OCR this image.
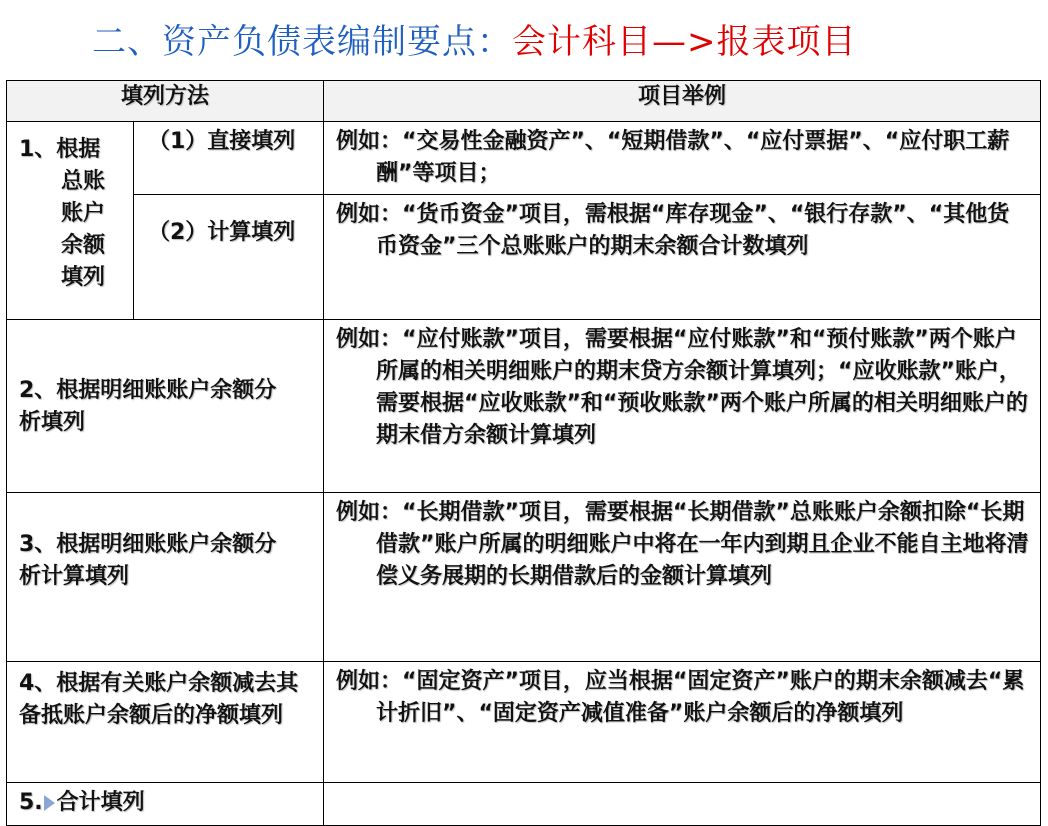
二、资产负债表编制要点：会计科目—>报表项目
填列方法		项目举例

1、根据
总账
账户
余额
填列	（1）直接填列	例如：“交易性金融资产”、“短期借款”、“应付票据”、“应付职工薪酬”等项目；
	（2）计算填列	例如：“货币资金”项目，需根据“库存现金”、“银行存款”、“其他货币资金”三个总账账户的期末余额合计数填列
2、根据明细账账户余额分析填列		例如：“应付账款”项目，需要根据“应付账款”和“预付账款”两个账户所属的相关明细账户的期末贷方余额计算填列；“应收账款”账户，需要根据“应收账款”和“预收账款”两个账户所属的相关明细账户的期末借方余额计算填列
3、根据明细账账户余额分析计算填列		例如：“长期借款”项目，需要根据“长期借款”总账账户余额扣除“长期借款”账户所属的明细账户中将在一年内到期且企业不能自主地将清偿义务展期的长期借款后的金额计算填列
4、根据有关账户余额减去其备抵账户余额后的净额填列		例如：“固定资产”项目，应当根据“固定资产”账户的期末余额减去“累计折旧”、“固定资产减值准备”账户余额后的净额填列
5. 合计填列		
